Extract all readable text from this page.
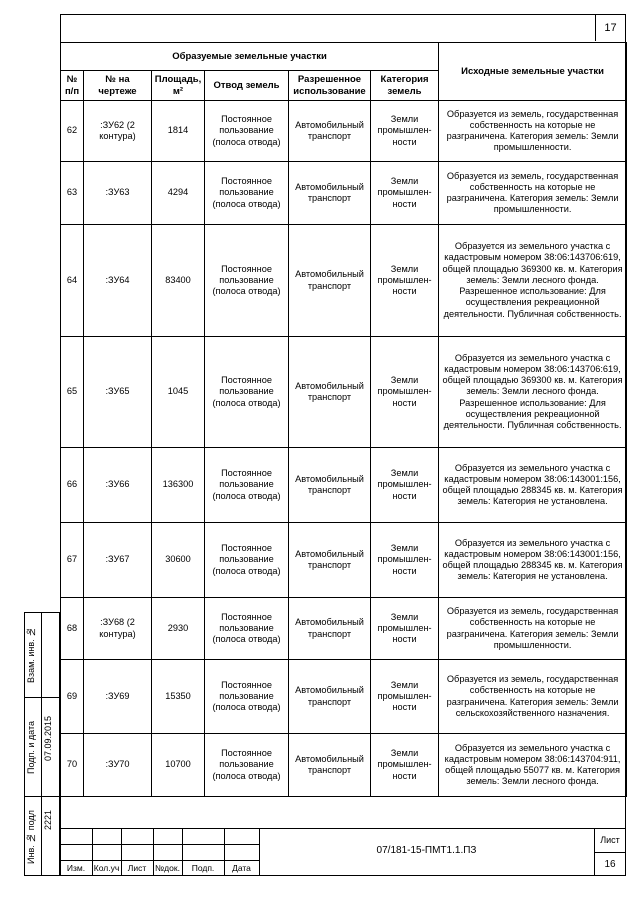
17
Образуемые земельные участки						Исходные земельные участки
№ п/п	№ на чертеже	Площадь, м²	Отвод земель	Разрешенное использование	Категория земель	
62	:ЗУ62 (2 контура)	1814	Постоянное пользование (полоса отвода)	Автомобильный транспорт	Земли промышлен-ности	Образуется из земель, государственная собственность на которые не разграничена. Категория земель: Земли промышленности.
63	:ЗУ63	4294	Постоянное пользование (полоса отвода)	Автомобильный транспорт	Земли промышлен-ности	Образуется из земель, государственная собственность на которые не разграничена. Категория земель: Земли промышленности.
64	:ЗУ64	83400	Постоянное пользование (полоса отвода)	Автомобильный транспорт	Земли промышлен-ности	Образуется из земельного участка с кадастровым номером 38:06:143706:619, общей площадью 369300 кв. м. Категория земель: Земли лесного фонда. Разрешенное использование: Для осуществления рекреационной деятельности. Публичная собственность.
65	:ЗУ65	1045	Постоянное пользование (полоса отвода)	Автомобильный транспорт	Земли промышлен-ности	Образуется из земельного участка с кадастровым номером 38:06:143706:619, общей площадью 369300 кв. м. Категория земель: Земли лесного фонда. Разрешенное использование: Для осуществления рекреационной деятельности. Публичная собственность.
66	:ЗУ66	136300	Постоянное пользование (полоса отвода)	Автомобильный транспорт	Земли промышлен-ности	Образуется из земельного участка с кадастровым номером 38:06:143001:156, общей площадью 288345 кв. м. Категория земель: Категория не установлена.
67	:ЗУ67	30600	Постоянное пользование (полоса отвода)	Автомобильный транспорт	Земли промышлен-ности	Образуется из земельного участка с кадастровым номером 38:06:143001:156, общей площадью 288345 кв. м. Категория земель: Категория не установлена.
68	:ЗУ68 (2 контура)	2930	Постоянное пользование (полоса отвода)	Автомобильный транспорт	Земли промышлен-ности	Образуется из земель, государственная собственность на которые не разграничена. Категория земель: Земли промышленности.
69	:ЗУ69	15350	Постоянное пользование (полоса отвода)	Автомобильный транспорт	Земли промышлен-ности	Образуется из земель, государственная собственность на которые не разграничена. Категория земель: Земли сельскохозяйственного назначения.
70	:ЗУ70	10700	Постоянное пользование (полоса отвода)	Автомобильный транспорт	Земли промышлен-ности	Образуется из земельного участка с кадастровым номером 38:06:143704:911, общей площадью 55077 кв. м. Категория земель: Земли лесного фонда.
Взам. инв. №
Подп. и дата 07.09.2015
Инв. № подл 2221
Изм.	Кол.уч	Лист	№док.	Подп.	Дата
07/181-15-ПМТ1.1.ПЗ
Лист
16
